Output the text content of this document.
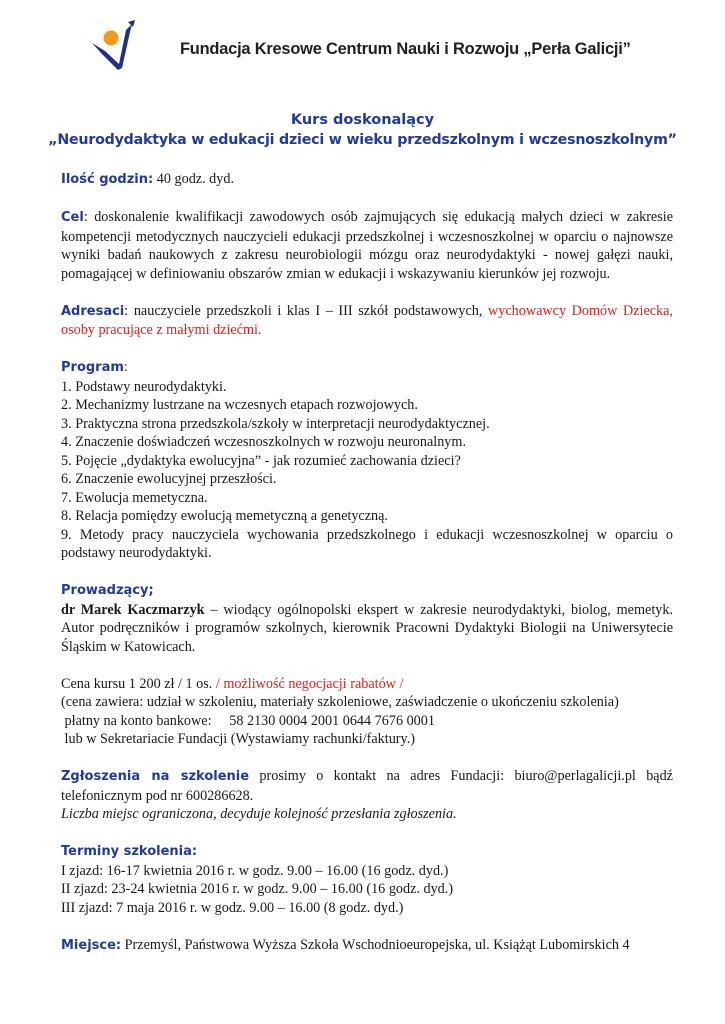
Fundacja Kresowe Centrum Nauki i Rozwoju „Perła Galicji”
Kurs doskonalący
„Neurodydaktyka w edukacji dzieci w wieku przedszkolnym i wczesnoszkolnym”

Ilość godzin: 40 godz. dyd.

Cel: doskonalenie kwalifikacji zawodowych osób zajmujących się edukacją małych dzieci w zakresie kompetencji metodycznych nauczycieli edukacji przedszkolnej i wczesnoszkolnej w oparciu o najnowsze wyniki badań naukowych z zakresu neurobiologii mózgu oraz neurodydaktyki - nowej gałęzi nauki, pomagającej w definiowaniu obszarów zmian w edukacji i wskazywaniu kierunków jej rozwoju.

Adresaci: nauczyciele przedszkoli i klas I – III szkół podstawowych, wychowawcy Domów Dziecka, osoby pracujące z małymi dziećmi.

Program:

1. Podstawy neurodydaktyki.

2. Mechanizmy lustrzane na wczesnych etapach rozwojowych.

3. Praktyczna strona przedszkola/szkoły w interpretacji neurodydaktycznej.

4. Znaczenie doświadczeń wczesnoszkolnych w rozwoju neuronalnym.

5. Pojęcie „dydaktyka ewolucyjna” - jak rozumieć zachowania dzieci?

6. Znaczenie ewolucyjnej przeszłości.

7. Ewolucja memetyczna.

8. Relacja pomiędzy ewolucją memetyczną a genetyczną.

9. Metody pracy nauczyciela wychowania przedszkolnego i edukacji wczesnoszkolnej w oparciu o podstawy neurodydaktyki.

Prowadzący;

dr Marek Kaczmarzyk – wiodący ogólnopolski ekspert w zakresie neurodydaktyki, biolog, memetyk. Autor podręczników i programów szkolnych, kierownik Pracowni Dydaktyki Biologii na Uniwersytecie Śląskim w Katowicach.

Cena kursu 1 200 zł / 1 os. / możliwość negocjacji rabatów /

(cena zawiera: udział w szkoleniu, materiały szkoleniowe, zaświadczenie o ukończeniu szkolenia)

płatny na konto bankowe:     58 2130 0004 2001 0644 7676 0001

lub w Sekretariacie Fundacji (Wystawiamy rachunki/faktury.)

Zgłoszenia na szkolenie prosimy o kontakt na adres Fundacji: biuro@perlagalicji.pl bądź telefonicznym pod nr 600286628.

Liczba miejsc ograniczona, decyduje kolejność przesłania zgłoszenia.

Terminy szkolenia:

I zjazd: 16-17 kwietnia 2016 r. w godz. 9.00 – 16.00 (16 godz. dyd.)

II zjazd: 23-24 kwietnia 2016 r. w godz. 9.00 – 16.00 (16 godz. dyd.)

III zjazd: 7 maja 2016 r. w godz. 9.00 – 16.00 (8 godz. dyd.)

Miejsce: Przemyśl, Państwowa Wyższa Szkoła Wschodnioeuropejska, ul. Książąt Lubomirskich 4
